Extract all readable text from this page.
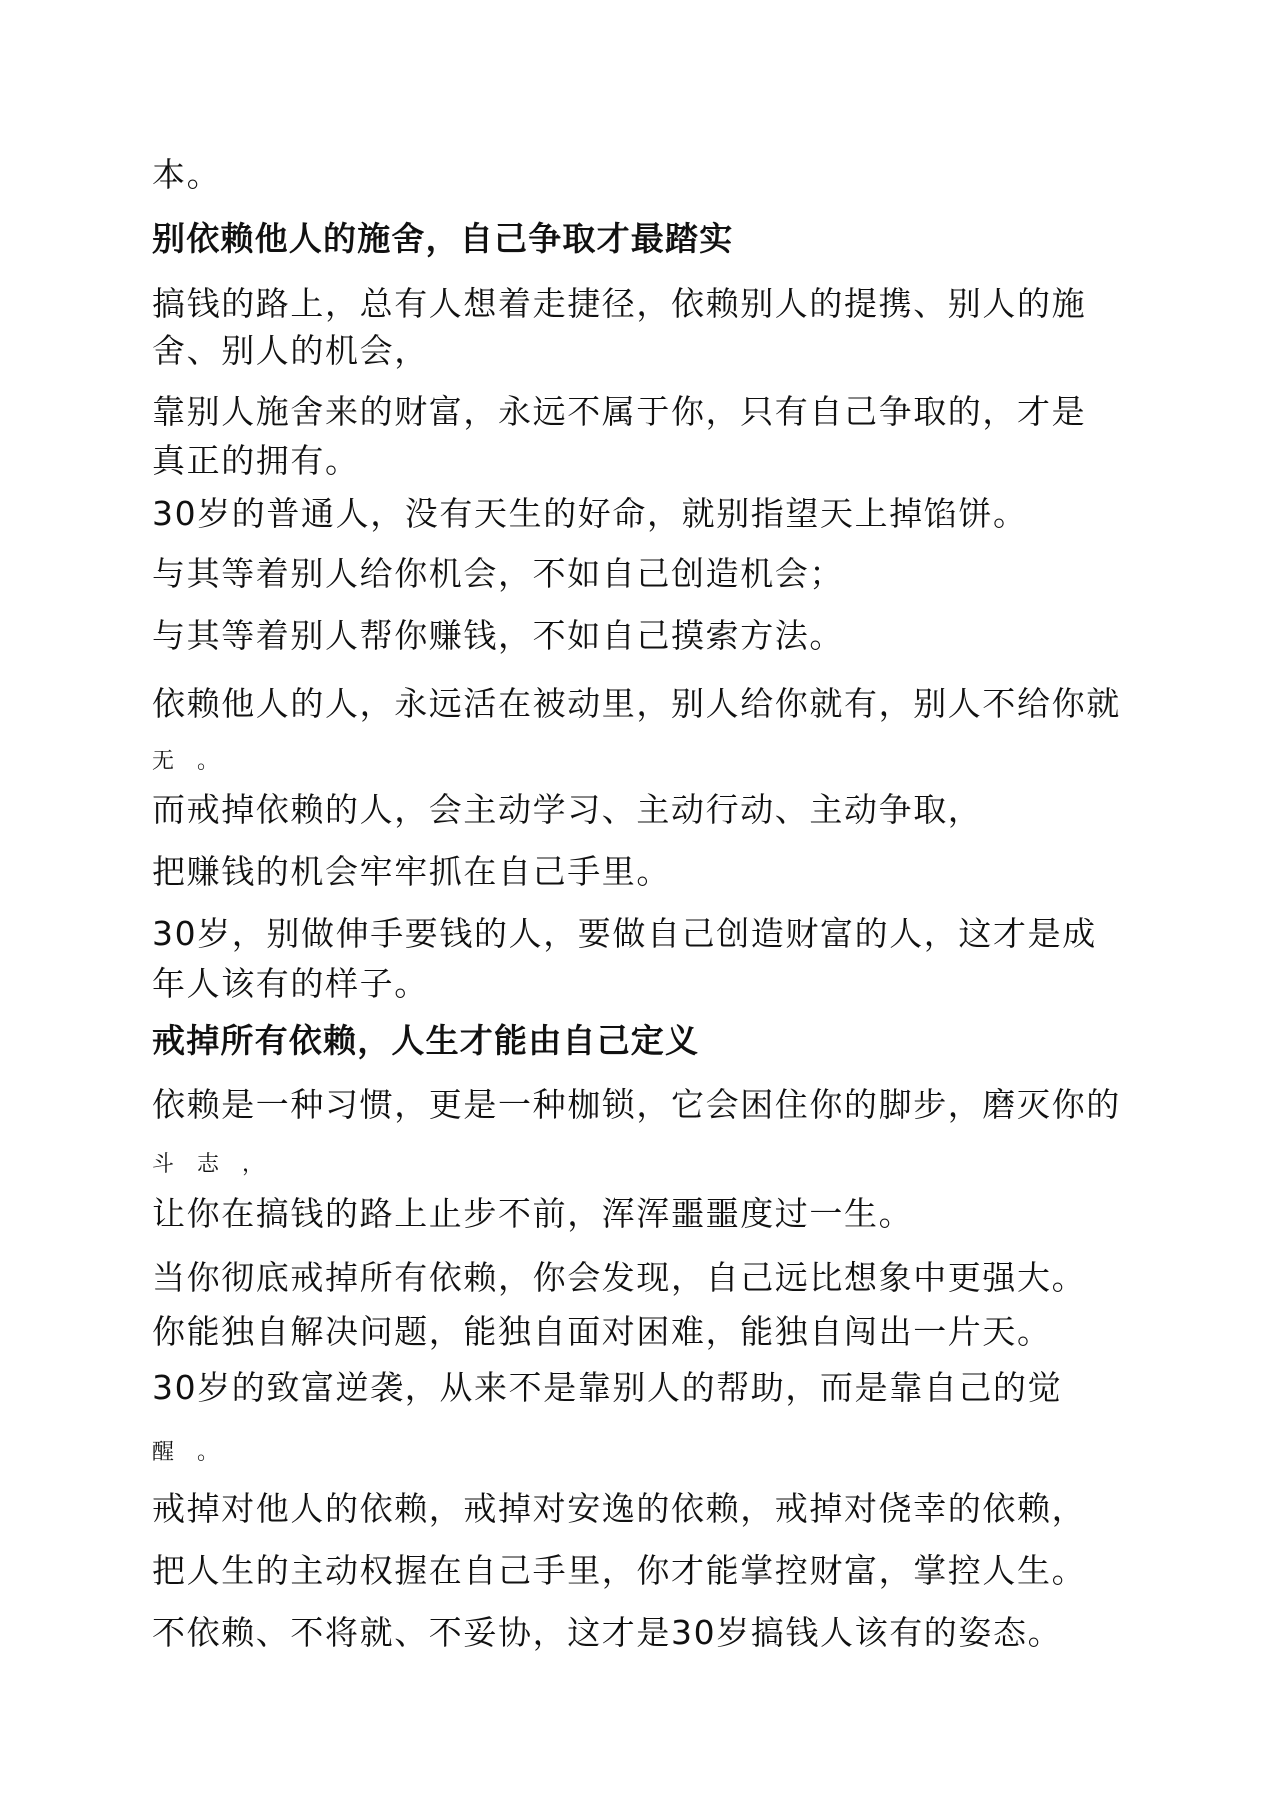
本。

别依赖他人的施舍，自己争取才最踏实

搞钱的路上，总有人想着走捷径，依赖别人的提携、别人的施

舍、别人的机会，

靠别人施舍来的财富，永远不属于你，只有自己争取的，才是

真正的拥有。

30岁的普通人，没有天生的好命，就别指望天上掉馅饼。

与其等着别人给你机会，不如自己创造机会；

与其等着别人帮你赚钱，不如自己摸索方法。

依赖他人的人，永远活在被动里，别人给你就有，别人不给你就

无 。

而戒掉依赖的人，会主动学习、主动行动、主动争取，

把赚钱的机会牢牢抓在自己手里。

30岁，别做伸手要钱的人，要做自己创造财富的人，这才是成

年人该有的样子。

戒掉所有依赖，人生才能由自己定义

依赖是一种习惯，更是一种枷锁，它会困住你的脚步，磨灭你的

斗 志 ，

让你在搞钱的路上止步不前，浑浑噩噩度过一生。

当你彻底戒掉所有依赖，你会发现，自己远比想象中更强大。

你能独自解决问题，能独自面对困难，能独自闯出一片天。

30岁的致富逆袭，从来不是靠别人的帮助，而是靠自己的觉

醒 。

戒掉对他人的依赖，戒掉对安逸的依赖，戒掉对侥幸的依赖，

把人生的主动权握在自己手里，你才能掌控财富，掌控人生。

不依赖、不将就、不妥协，这才是30岁搞钱人该有的姿态。
